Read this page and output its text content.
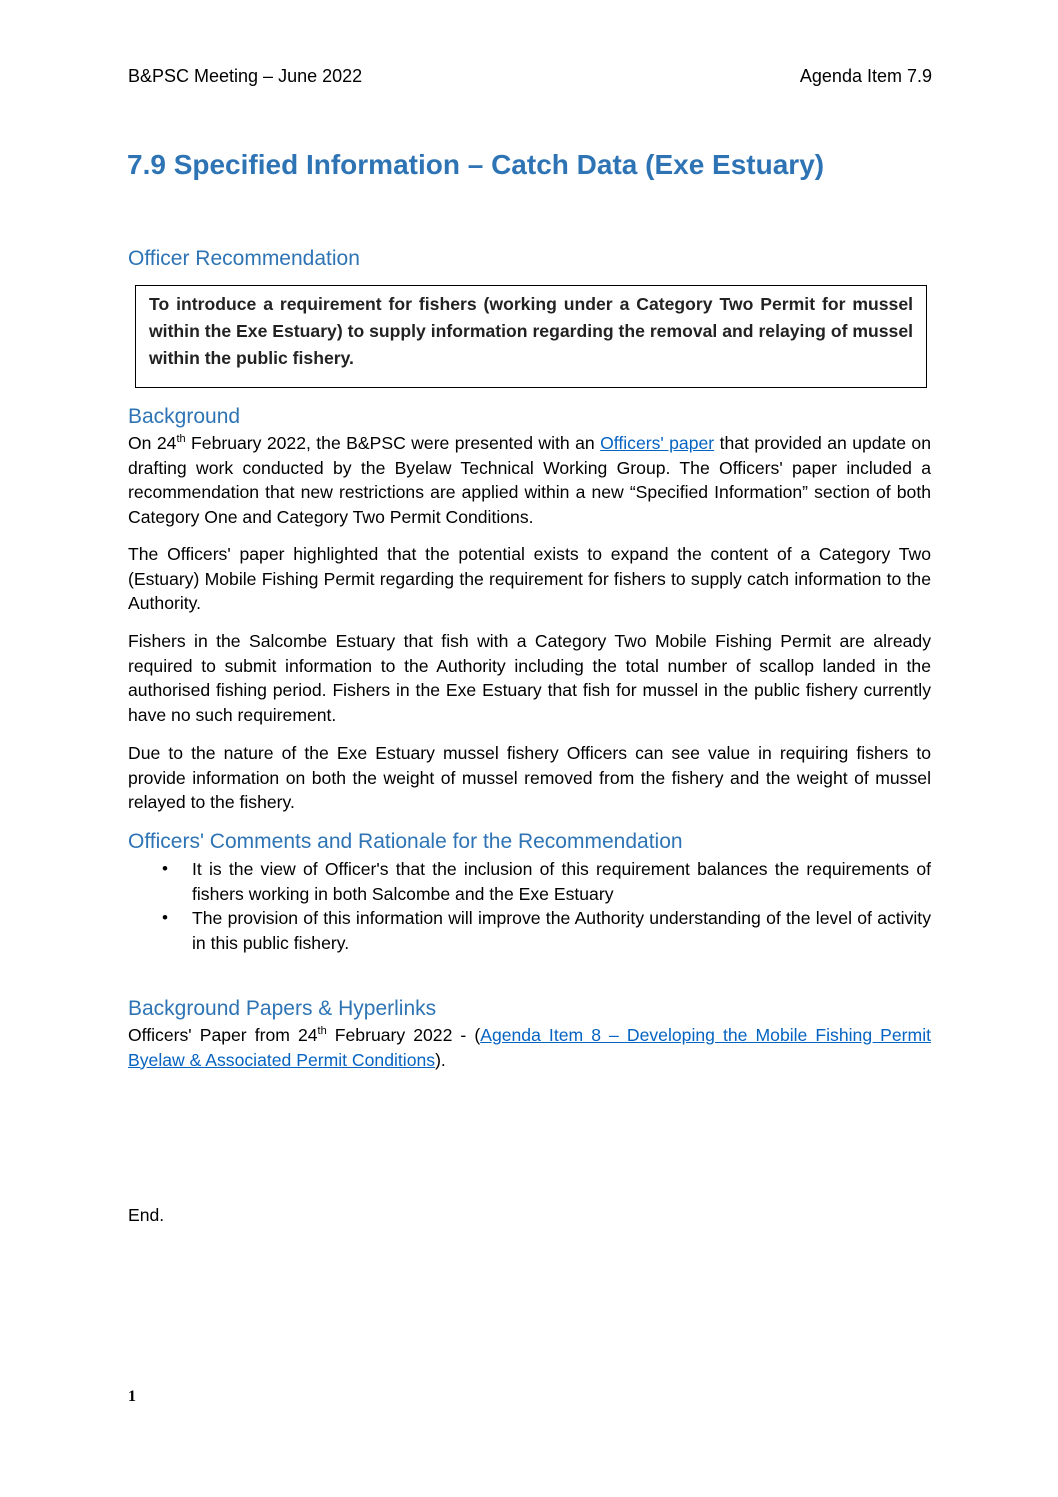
B&PSC Meeting – June 2022	Agenda Item 7.9
7.9 Specified Information – Catch Data (Exe Estuary)
Officer Recommendation

To introduce a requirement for fishers (working under a Category Two Permit for mussel within the Exe Estuary) to supply information regarding the removal and relaying of mussel within the public fishery.

Background

On 24th February 2022, the B&PSC were presented with an Officers' paper that provided an update on drafting work conducted by the Byelaw Technical Working Group. The Officers' paper included a recommendation that new restrictions are applied within a new “Specified Information” section of both Category One and Category Two Permit Conditions.

The Officers' paper highlighted that the potential exists to expand the content of a Category Two (Estuary) Mobile Fishing Permit regarding the requirement for fishers to supply catch information to the Authority.

Fishers in the Salcombe Estuary that fish with a Category Two Mobile Fishing Permit are already required to submit information to the Authority including the total number of scallop landed in the authorised fishing period. Fishers in the Exe Estuary that fish for mussel in the public fishery currently have no such requirement.

Due to the nature of the Exe Estuary mussel fishery Officers can see value in requiring fishers to provide information on both the weight of mussel removed from the fishery and the weight of mussel relayed to the fishery.

Officers' Comments and Rationale for the Recommendation
• It is the view of Officer's that the inclusion of this requirement balances the requirements of fishers working in both Salcombe and the Exe Estuary
• The provision of this information will improve the Authority understanding of the level of activity in this public fishery.
Background Papers & Hyperlinks

Officers' Paper from 24th February 2022 - (Agenda Item 8 – Developing the Mobile Fishing Permit Byelaw & Associated Permit Conditions).

End.
1
